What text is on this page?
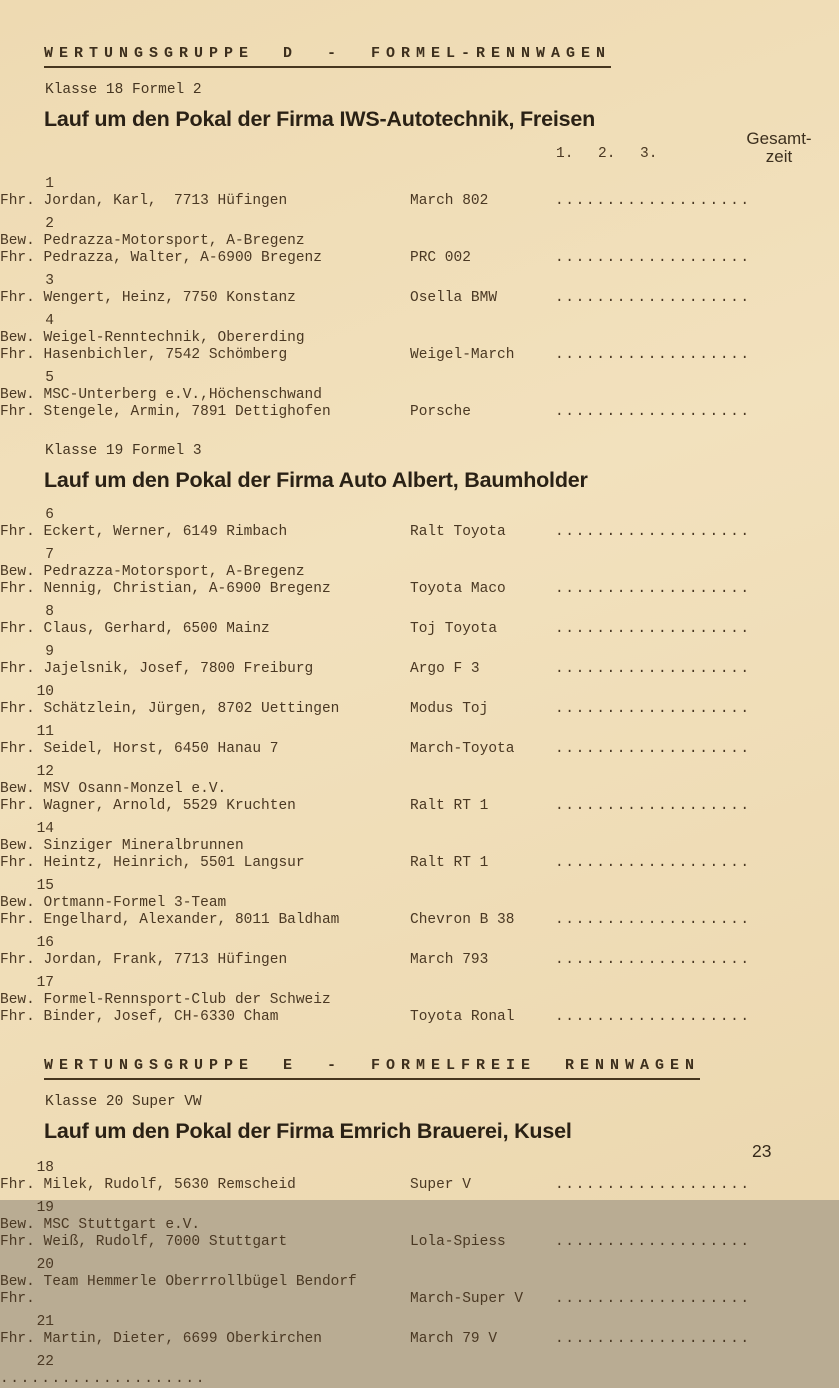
WERTUNGSGRUPPE D - FORMEL-RENNWAGEN
Klasse 18 Formel 2
Lauf um den Pokal der Firma IWS-Autotechnik, Freisen
1. 2. 3.
Gesamt-
zeit
1
Fhr. Jordan, Karl,  7713 Hüfingen	March 802	...................
2
Bew. Pedrazza-Motorsport, A-Bregenz
Fhr. Pedrazza, Walter, A-6900 Bregenz	PRC 002	...................
3
Fhr. Wengert, Heinz, 7750 Konstanz	Osella BMW	...................
4
Bew. Weigel-Renntechnik, Obererding
Fhr. Hasenbichler, 7542 Schömberg	Weigel-March	...................
5
Bew. MSC-Unterberg e.V.,Höchenschwand
Fhr. Stengele, Armin, 7891 Dettighofen	Porsche	...................
Klasse 19 Formel 3
Lauf um den Pokal der Firma Auto Albert, Baumholder
6
Fhr. Eckert, Werner, 6149 Rimbach	Ralt Toyota	...................
7
Bew. Pedrazza-Motorsport, A-Bregenz
Fhr. Nennig, Christian, A-6900 Bregenz	Toyota Maco	...................
8
Fhr. Claus, Gerhard, 6500 Mainz	Toj Toyota	...................
9
Fhr. Jajelsnik, Josef, 7800 Freiburg	Argo F 3	...................
10
Fhr. Schätzlein, Jürgen, 8702 Uettingen	Modus Toj	...................
11
Fhr. Seidel, Horst, 6450 Hanau 7	March-Toyota	...................
12
Bew. MSV Osann-Monzel e.V.
Fhr. Wagner, Arnold, 5529 Kruchten	Ralt RT 1	...................
14
Bew. Sinziger Mineralbrunnen
Fhr. Heintz, Heinrich, 5501 Langsur	Ralt RT 1	...................
15
Bew. Ortmann-Formel 3-Team
Fhr. Engelhard, Alexander, 8011 Baldham	Chevron B 38	...................
16
Fhr. Jordan, Frank, 7713 Hüfingen	March 793	...................
17
Bew. Formel-Rennsport-Club der Schweiz
Fhr. Binder, Josef, CH-6330 Cham	Toyota Ronal	...................
WERTUNGSGRUPPE E - FORMELFREIE RENNWAGEN
Klasse 20 Super VW
Lauf um den Pokal der Firma Emrich Brauerei, Kusel
18
Fhr. Milek, Rudolf, 5630 Remscheid	Super V	...................
19
Bew. MSC Stuttgart e.V.
Fhr. Weiß, Rudolf, 7000 Stuttgart	Lola-Spiess	...................
20
Bew. Team Hemmerle Oberrrollbügel Bendorf
Fhr.	March-Super V ...................
21
Fhr. Martin, Dieter, 6699 Oberkirchen	March 79 V	...................
22
....................
23
